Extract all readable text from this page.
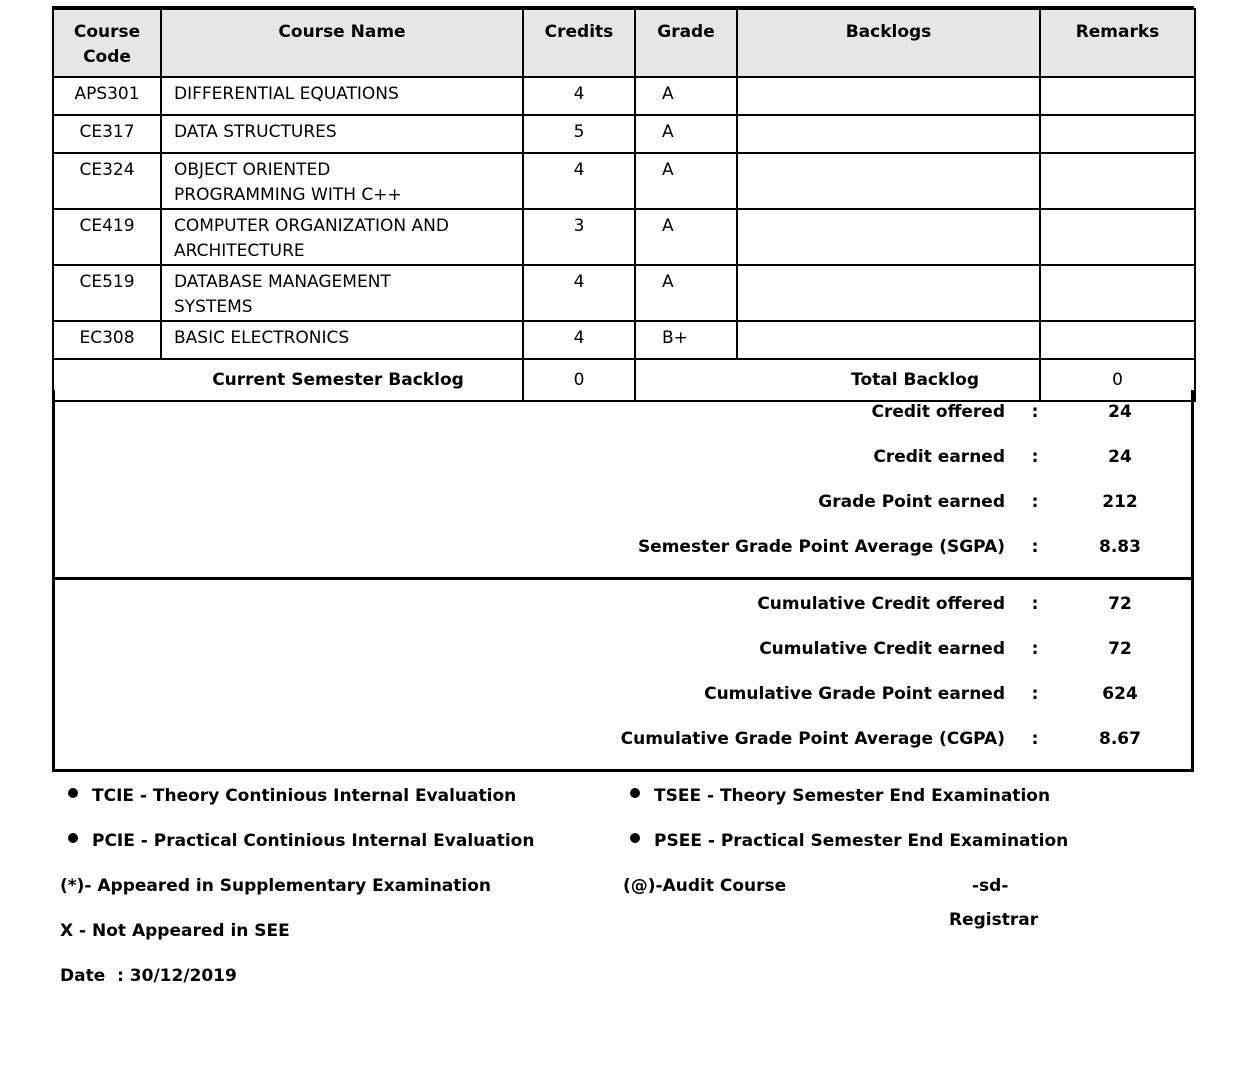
Course Code	Course Name	Credits	Grade	Backlogs	Remarks
APS301	DIFFERENTIAL EQUATIONS	4	A		
CE317	DATA STRUCTURES	5	A		
CE324	OBJECT ORIENTED
PROGRAMMING WITH C++	4	A		
CE419	COMPUTER ORGANIZATION AND
ARCHITECTURE	3	A		
CE519	DATABASE MANAGEMENT
SYSTEMS	4	A		
EC308	BASIC ELECTRONICS	4	B+		
Current Semester Backlog		0	Total Backlog		0
Credit offered :	24
Credit earned :	24
Grade Point earned :	212
Semester Grade Point Average (SGPA) :	8.83
Cumulative Credit offered :	72
Cumulative Credit earned :	72
Cumulative Grade Point earned :	624
Cumulative Grade Point Average (CGPA) :	8.67
TCIE - Theory Continious Internal Evaluation	TSEE - Theory Semester End Examination
PCIE - Practical Continious Internal Evaluation	PSEE - Practical Semester End Examination
(*)- Appeared in Supplementary Examination	(@)-Audit Course	-sd-
Registrar
X - Not Appeared in SEE
Date  : 30/12/2019
